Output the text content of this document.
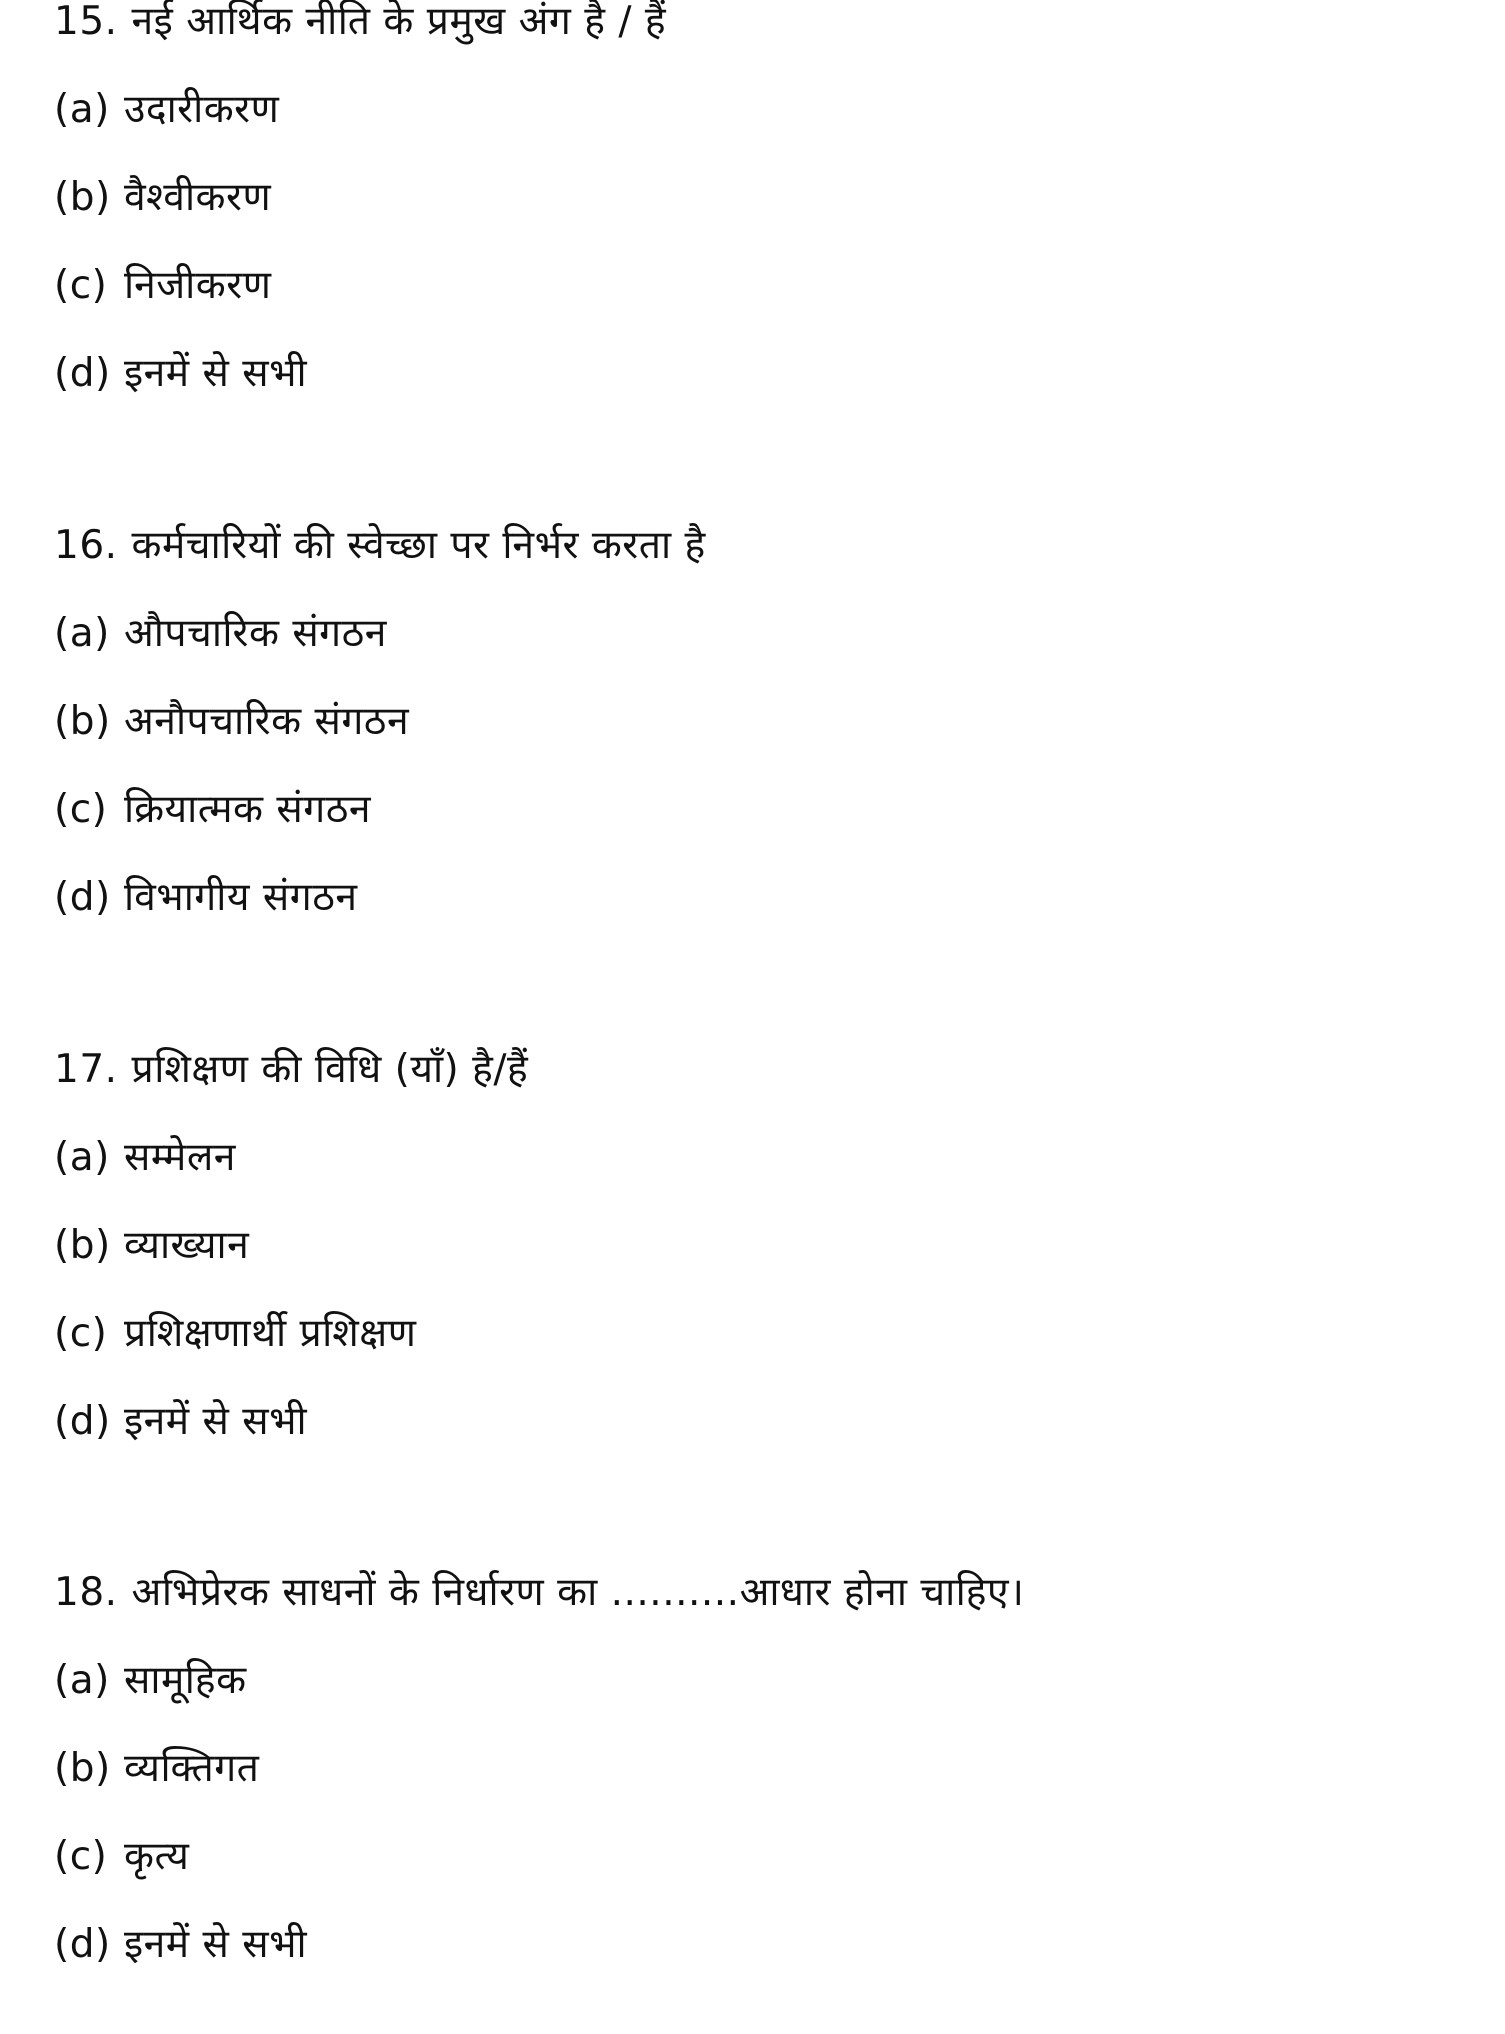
15. नई आर्थिक नीति के प्रमुख अंग है / हैं
(a) उदारीकरण
(b) वैश्वीकरण
(c) निजीकरण
(d) इनमें से सभी
16. कर्मचारियों की स्वेच्छा पर निर्भर करता है
(a) औपचारिक संगठन
(b) अनौपचारिक संगठन
(c) क्रियात्मक संगठन
(d) विभागीय संगठन
17. प्रशिक्षण की विधि (याँ) है/हैं
(a) सम्मेलन
(b) व्याख्यान
(c) प्रशिक्षणार्थी प्रशिक्षण
(d) इनमें से सभी
18. अभिप्रेरक साधनों के निर्धारण का ..........आधार होना चाहिए।
(a) सामूहिक
(b) व्यक्तिगत
(c) कृत्य
(d) इनमें से सभी
